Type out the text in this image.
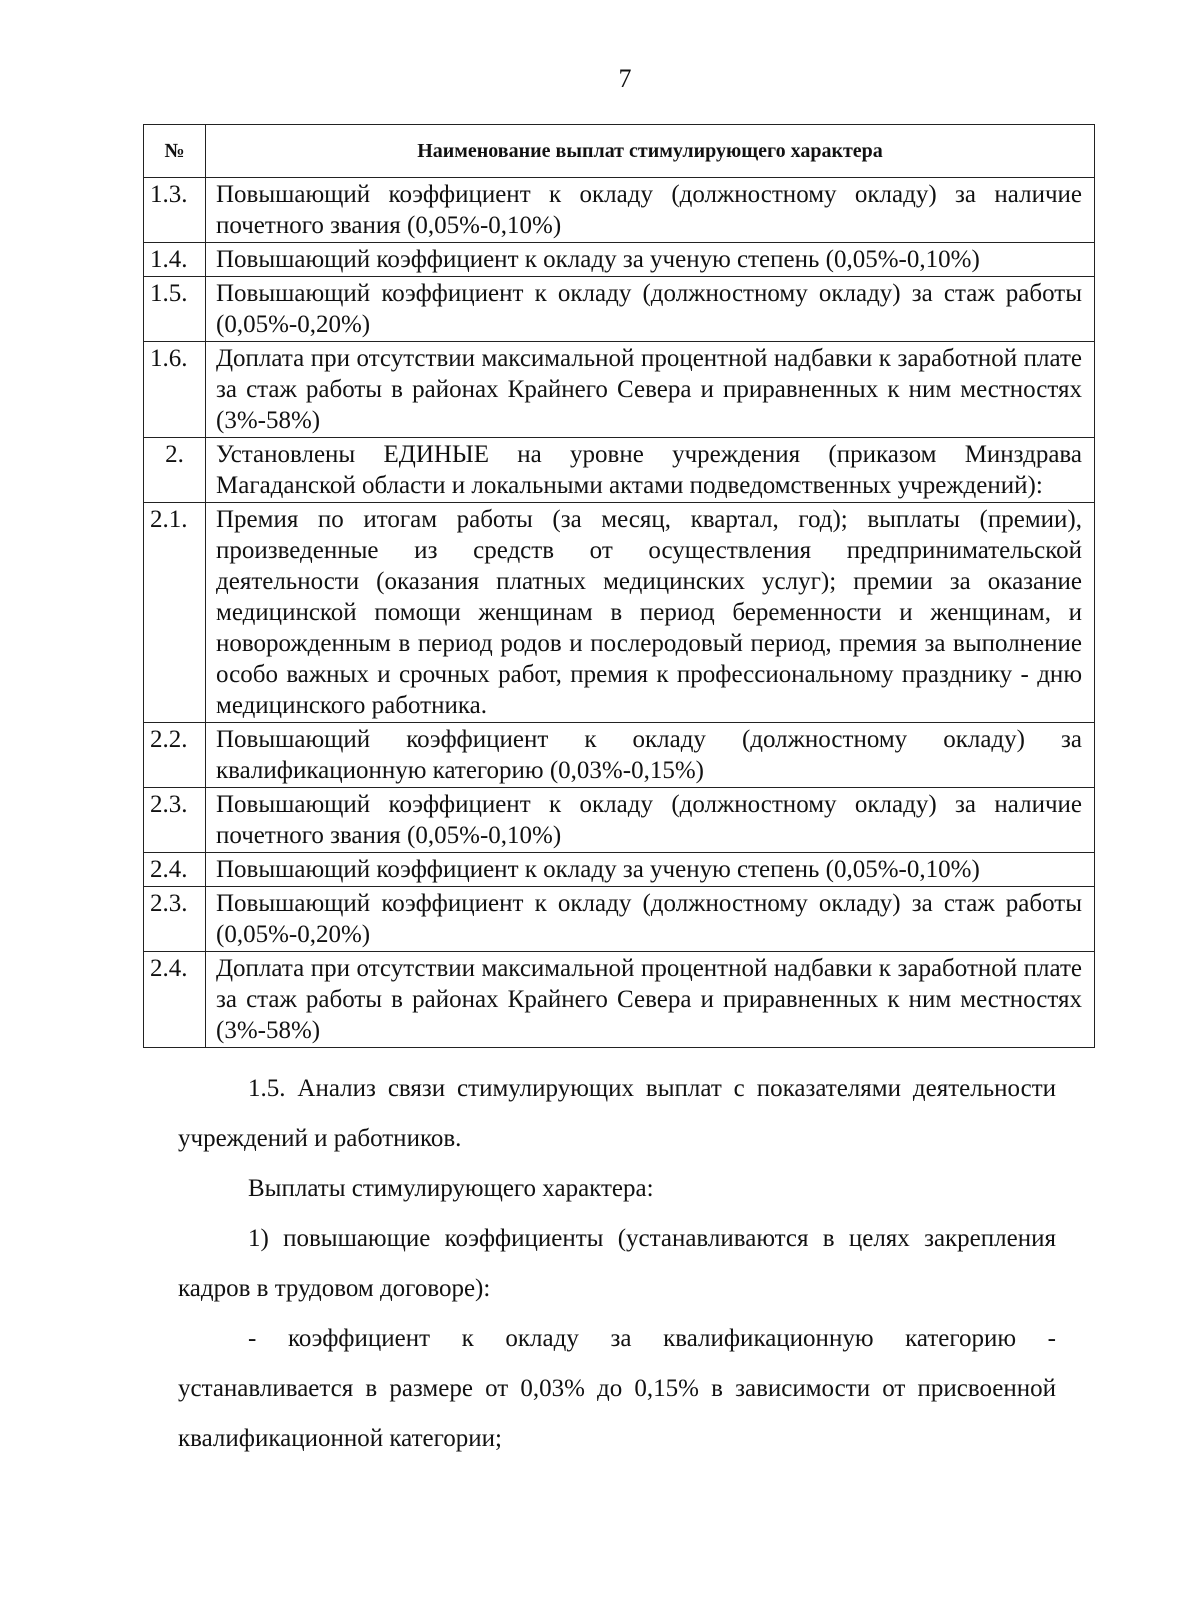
7
№	Наименование выплат стимулирующего характера
1.3.	Повышающий коэффициент к окладу (должностному окладу) за наличие почетного звания (0,05%-0,10%)
1.4.	Повышающий коэффициент к окладу за ученую степень (0,05%-0,10%)
1.5.	Повышающий коэффициент к окладу (должностному окладу) за стаж работы (0,05%-0,20%)
1.6.	Доплата при отсутствии максимальной процентной надбавки к заработной плате за стаж работы в районах Крайнего Севера и приравненных к ним местностях (3%-58%)
2.	Установлены ЕДИНЫЕ на уровне учреждения (приказом Минздрава Магаданской области и локальными актами подведомственных учреждений):
2.1.	Премия по итогам работы (за месяц, квартал, год); выплаты (премии), произведенные из средств от осуществления предпринимательской деятельности (оказания платных медицинских услуг); премии за оказание медицинской помощи женщинам в период беременности и женщинам, и новорожденным в период родов и послеродовый период, премия за выполнение особо важных и срочных работ, премия к профессиональному празднику - дню медицинского работника.
2.2.	Повышающий коэффициент к окладу (должностному окладу) за квалификационную категорию (0,03%-0,15%)
2.3.	Повышающий коэффициент к окладу (должностному окладу) за наличие почетного звания (0,05%-0,10%)
2.4.	Повышающий коэффициент к окладу за ученую степень (0,05%-0,10%)
2.3.	Повышающий коэффициент к окладу (должностному окладу) за стаж работы (0,05%-0,20%)
2.4.	Доплата при отсутствии максимальной процентной надбавки к заработной плате за стаж работы в районах Крайнего Севера и приравненных к ним местностях (3%-58%)

1.5. Анализ связи стимулирующих выплат с показателями деятельности учреждений и работников.

Выплаты стимулирующего характера:

1) повышающие коэффициенты (устанавливаются в целях закрепления кадров в трудовом договоре):

- коэффициент к окладу за квалификационную категорию - устанавливается в размере от 0,03% до 0,15% в зависимости от присвоенной квалификационной категории;
